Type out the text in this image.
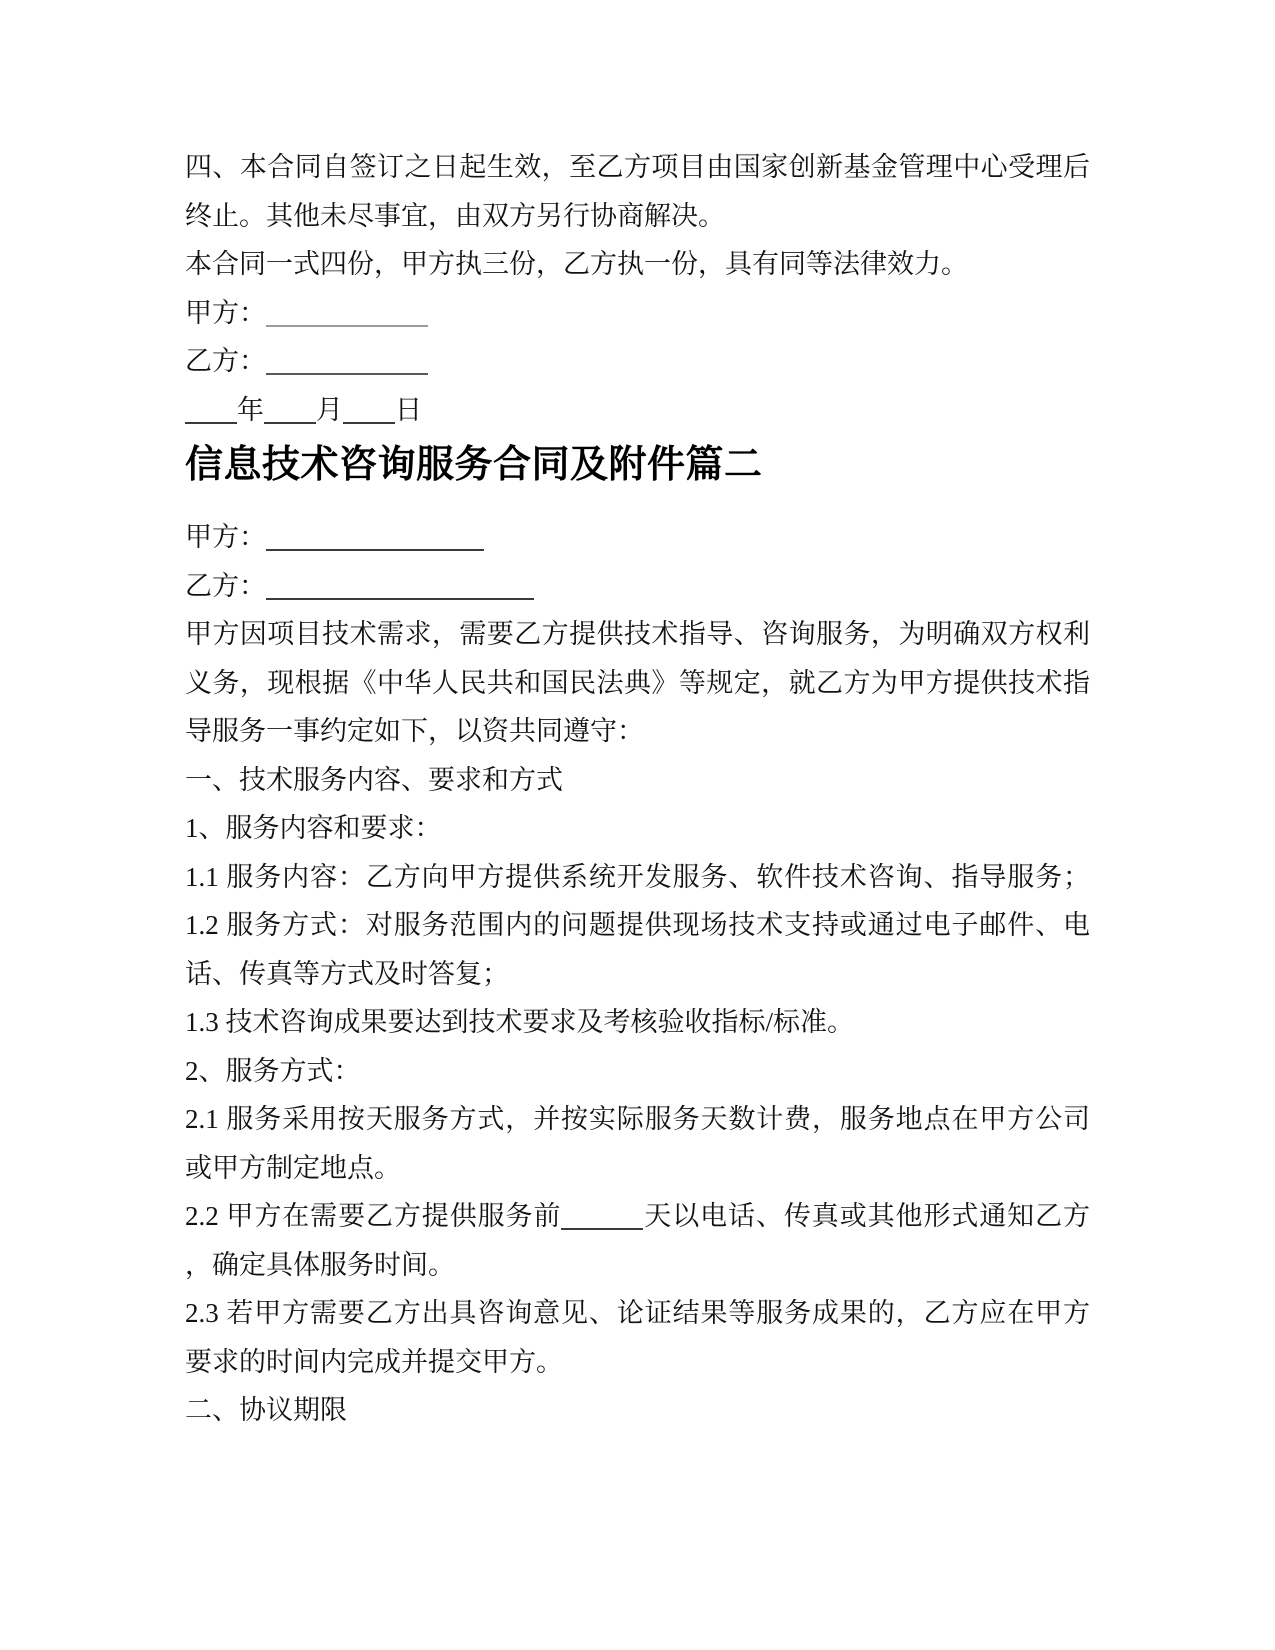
四、本合同自签订之日起生效，至乙方项目由国家创新基金管理中心受理后
终止。其他未尽事宜，由双方另行协商解决。
本合同一式四份，甲方执三份，乙方执一份，具有同等法律效力。
甲方：
乙方：
年 月 日
信息技术咨询服务合同及附件篇二
甲方：
乙方：
甲方因项目技术需求，需要乙方提供技术指导、咨询服务，为明确双方权利
义务，现根据《中华人民共和国民法典》等规定，就乙方为甲方提供技术指
导服务一事约定如下，以资共同遵守：
一、技术服务内容、要求和方式
1、服务内容和要求：
1.1 服务内容：乙方向甲方提供系统开发服务、软件技术咨询、指导服务；
1.2 服务方式：对服务范围内的问题提供现场技术支持或通过电子邮件、电
话、传真等方式及时答复；
1.3 技术咨询成果要达到技术要求及考核验收指标/标准。
2、服务方式：
2.1 服务采用按天服务方式，并按实际服务天数计费，服务地点在甲方公司
或甲方制定地点。
2.2 甲方在需要乙方提供服务前	天以电话、传真或其他形式通知乙方
，确定具体服务时间。
2.3 若甲方需要乙方出具咨询意见、论证结果等服务成果的，乙方应在甲方
要求的时间内完成并提交甲方。
二、协议期限
